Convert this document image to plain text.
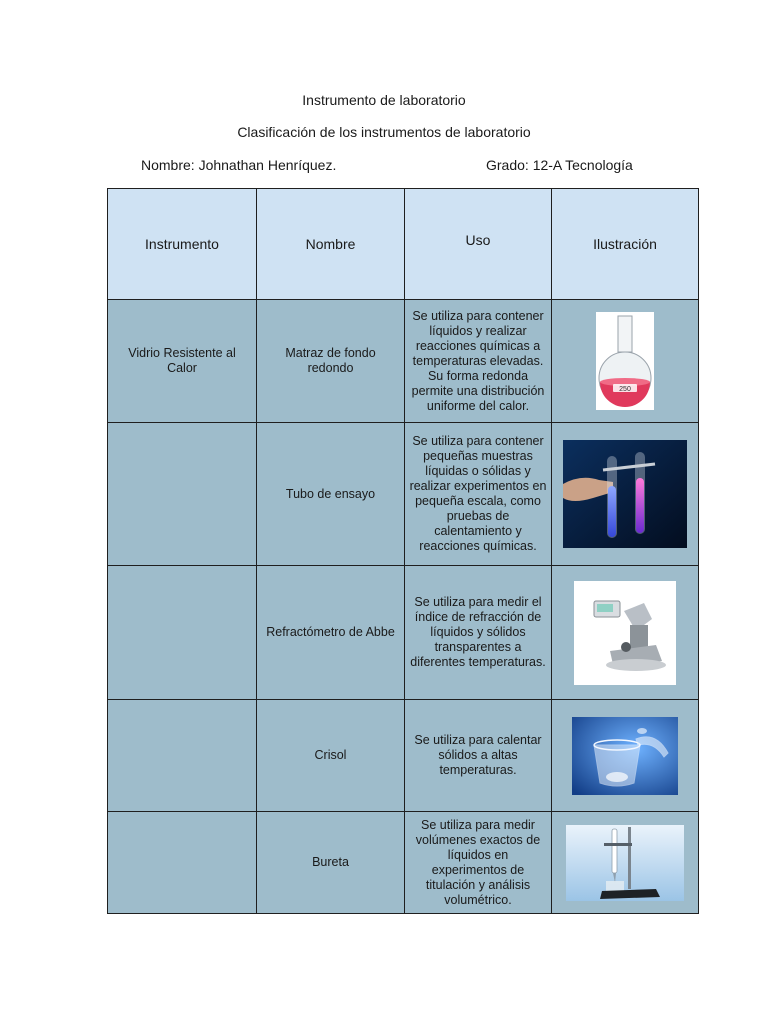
Instrumento de laboratorio
Clasificación de los instrumentos de laboratorio
Nombre: Johnathan Henríquez.	Grado: 12-A Tecnología
Instrumento	Nombre	Uso	Ilustración
Vidrio Resistente al Calor	Matraz de fondo redondo	Se utiliza para contener líquidos y realizar reacciones químicas a temperaturas elevadas. Su forma redonda permite una distribución uniforme del calor.	250

	Tubo de ensayo	Se utiliza para contener pequeñas muestras líquidas o sólidas y realizar experimentos en pequeña escala, como pruebas de calentamiento y reacciones químicas.	

	Refractómetro de Abbe	Se utiliza para medir el índice de refracción de líquidos y sólidos transparentes a diferentes temperaturas.	

	Crisol	Se utiliza para calentar sólidos a altas temperaturas.	

	Bureta	Se utiliza para medir volúmenes exactos de líquidos en experimentos de titulación y análisis volumétrico.	
